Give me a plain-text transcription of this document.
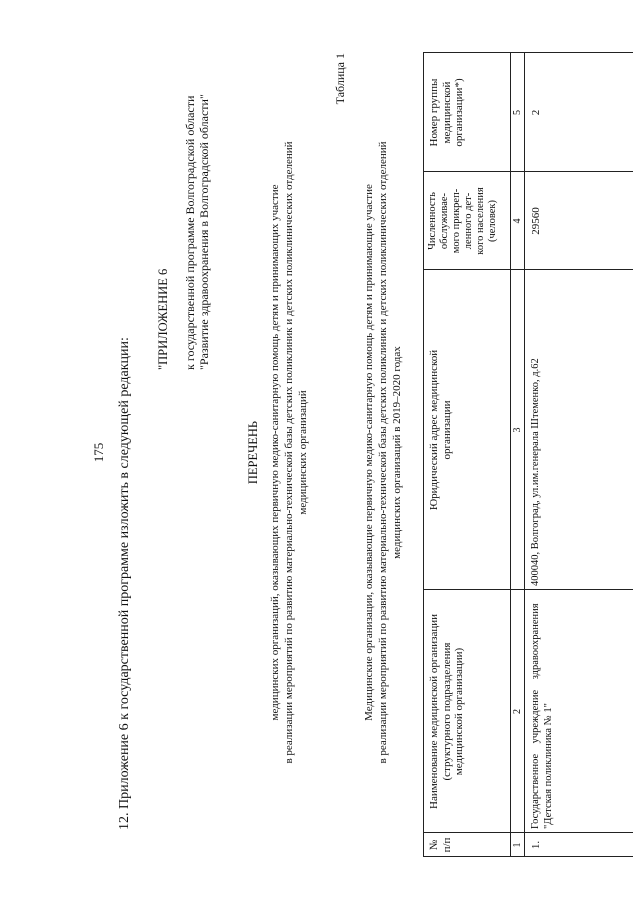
175 12. Приложение 6 к государственной программе изложить в следующей редакции:
"ПРИЛОЖЕНИЕ 6 к государственной программе Волгоградской области "Развитие здравоохранения в Волгоградской области"
ПЕРЕЧЕНЬ медицинских организаций, оказывающих первичную медико-санитарную помощь детям и принимающих участие в реализации мероприятий по развитию материально-технической базы детских поликлиник и детских поликлинических отделений медицинских организаций
Таблица 1
Медицинские организации, оказывающие первичную медико-санитарную помощь детям и принимающие участие в реализации мероприятий по развитию материально-технической базы детских поликлиник и детских поликлинических отделений медицинских организаций в 2019–2020 годах
№ п/п
Наименование медицинской организации (структурного подразделения медицинской организации)
Юридический адрес медицинской организации
Численность обслуживае- мого прикреп- ленного дет- кого населения (человек)
Номер группы медицинской организации*)
1
2
3
4
5
1.
Государственное    учреждение    здравоохранения "Детская поликлиника № 1"
400040, Волгоград, ул.им.генерала Штеменко, д.62
29560
2
